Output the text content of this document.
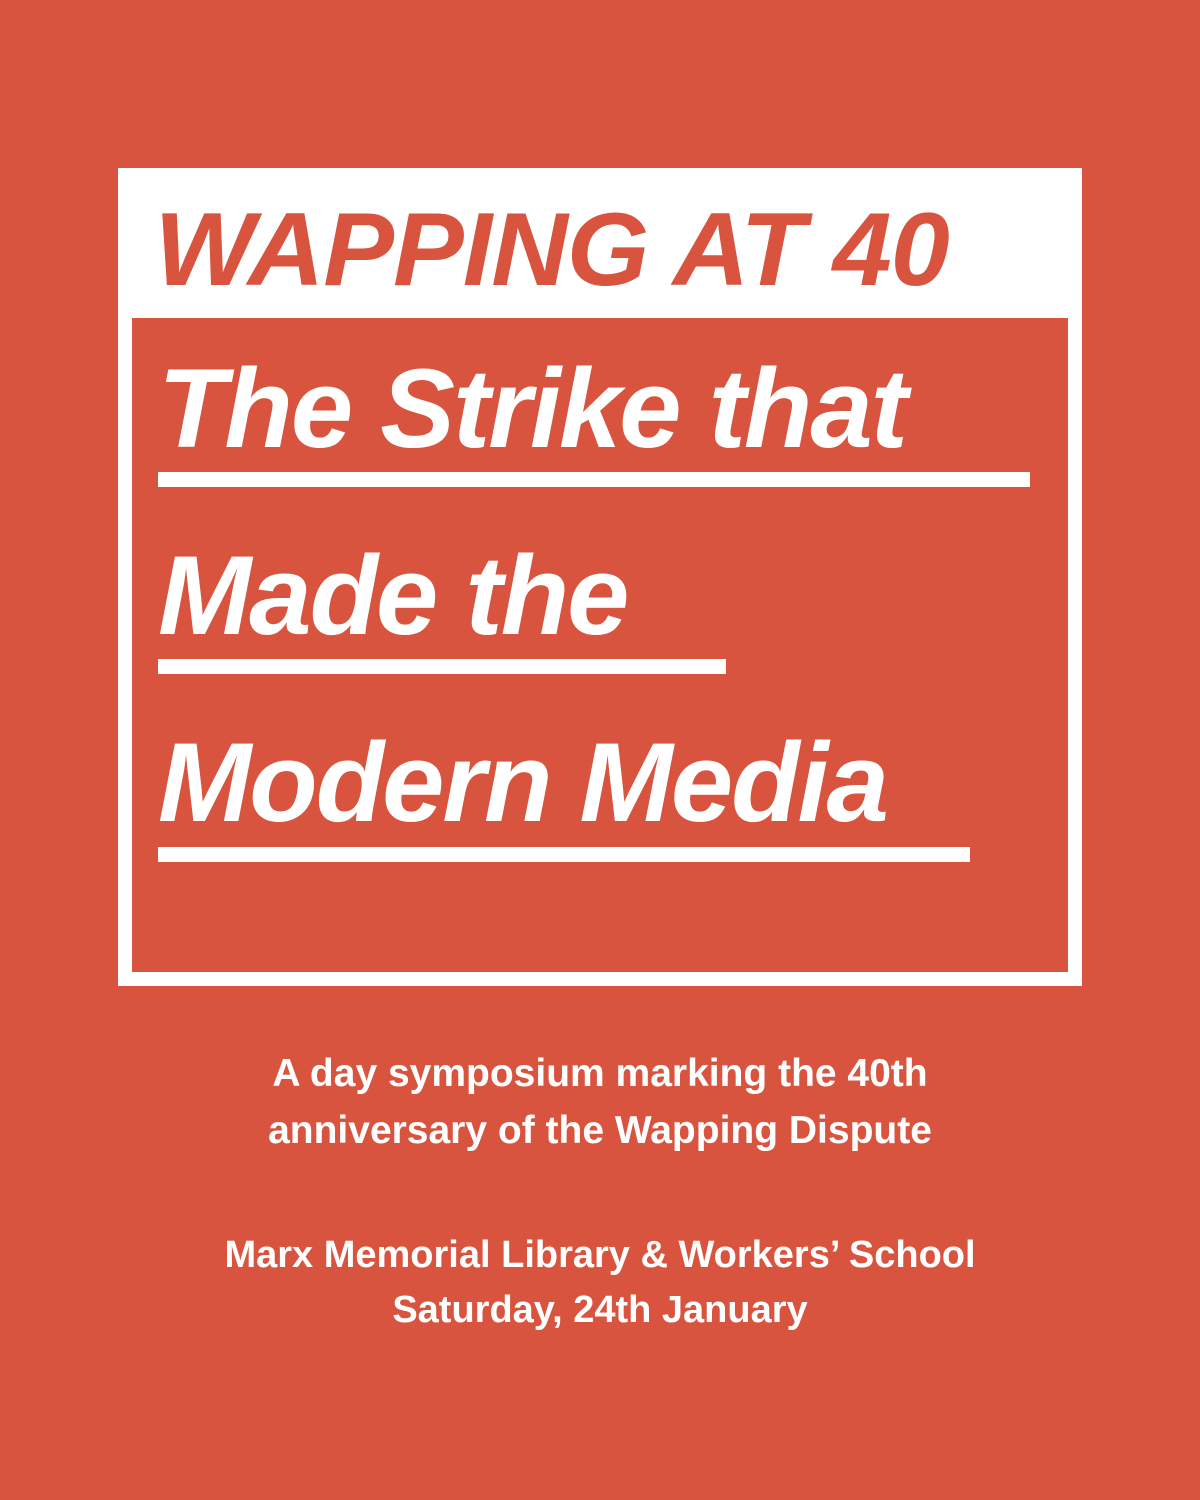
WAPPING AT 40
The Strike that
Made the
Modern Media
A day symposium marking the 40th
anniversary of the Wapping Dispute
Marx Memorial Library & Workers’ School
Saturday, 24th January
